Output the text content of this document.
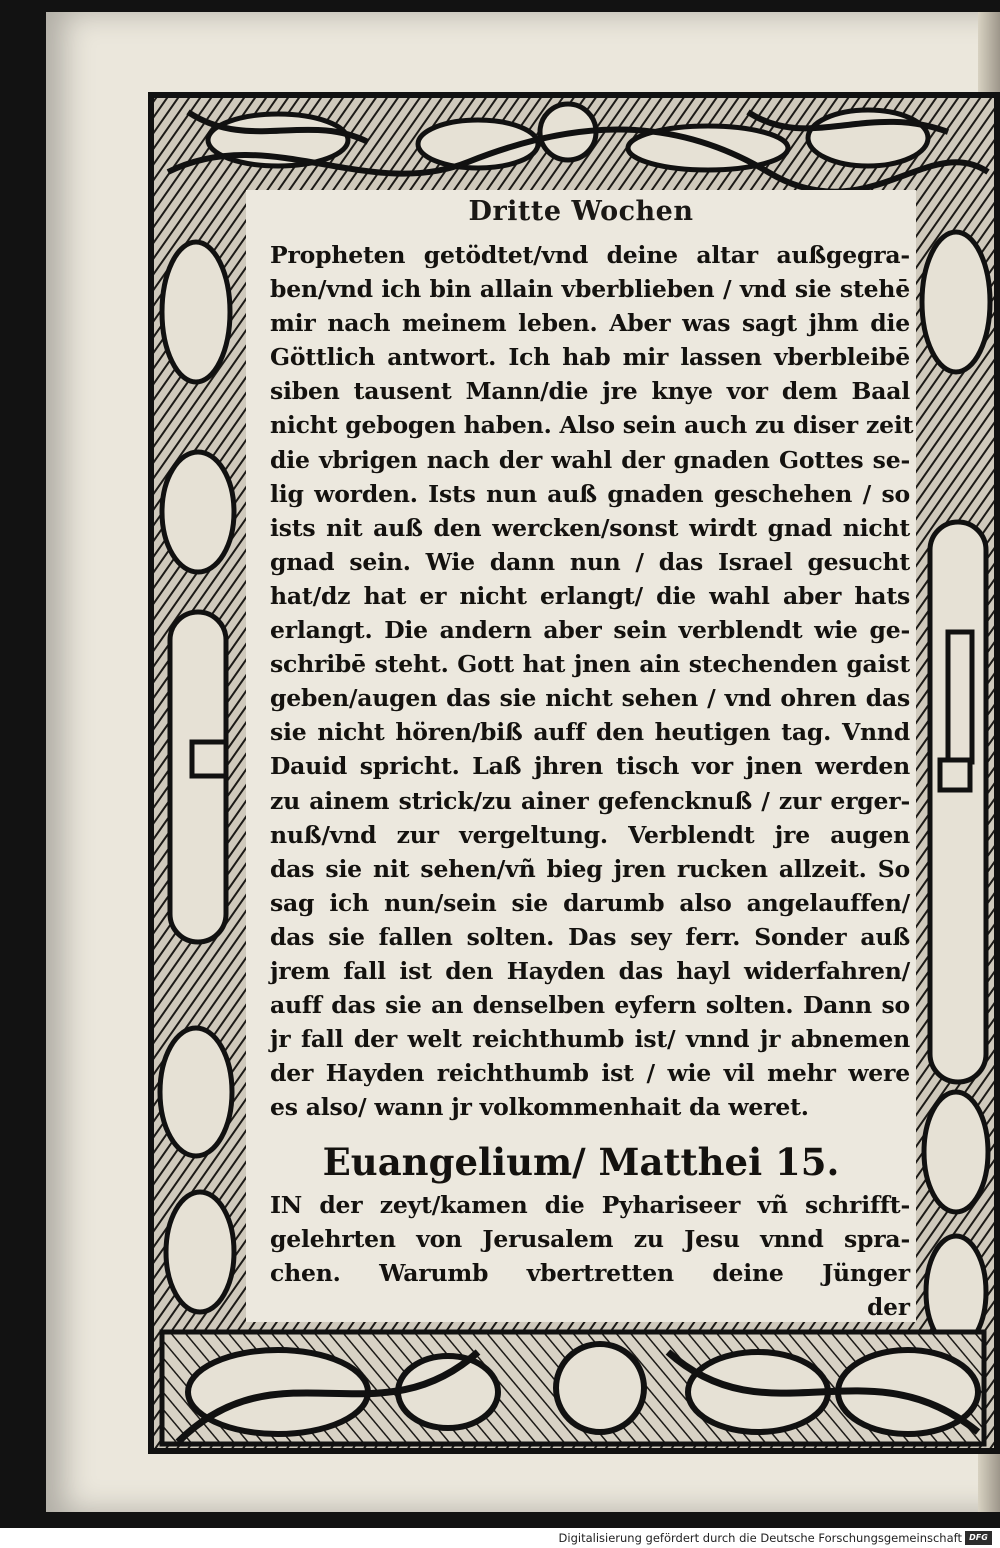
Dritte Wochen
Propheten getödtet/vnd deine altar außgegra-
ben/vnd ich bin allain vberblieben / vnd sie stehē
mir nach meinem leben. Aber was sagt jhm die
Göttlich antwort. Ich hab mir lassen vberbleibē
siben tausent Mann/die jre knye vor dem Baal
nicht gebogen haben. Also sein auch zu diser zeit
die vbrigen nach der wahl der gnaden Gottes se-
lig worden. Ists nun auß gnaden geschehen / so
ists nit auß den wercken/sonst wirdt gnad nicht
gnad sein. Wie dann nun / das Israel gesucht
hat/dz hat er nicht erlangt/ die wahl aber hats
erlangt. Die andern aber sein verblendt wie ge-
schribē steht. Gott hat jnen ain stechenden gaist
geben/augen das sie nicht sehen / vnd ohren das
sie nicht hören/biß auff den heutigen tag. Vnnd
Dauid spricht. Laß jhren tisch vor jnen werden
zu ainem strick/zu ainer gefencknuß / zur erger-
nuß/vnd zur vergeltung. Verblendt jre augen
das sie nit sehen/vñ bieg jren rucken allzeit. So
sag ich nun/sein sie darumb also angelauffen/
das sie fallen solten. Das sey ferr. Sonder auß
jrem fall ist den Hayden das hayl widerfahren/
auff das sie an denselben eyfern solten. Dann so
jr fall der welt reichthumb ist/ vnnd jr abnemen
der Hayden reichthumb ist / wie vil mehr were
es also/ wann jr volkommenhait da weret.
Euangelium/ Matthei 15.
IN der zeyt/kamen die Pyhariseer vñ schrifft-
gelehrten von Jerusalem zu Jesu vnnd spra-
chen. Warumb vbertretten deine Jünger
der
Digitalisierung gefördert durch die Deutsche Forschungsgemeinschaft DFG
